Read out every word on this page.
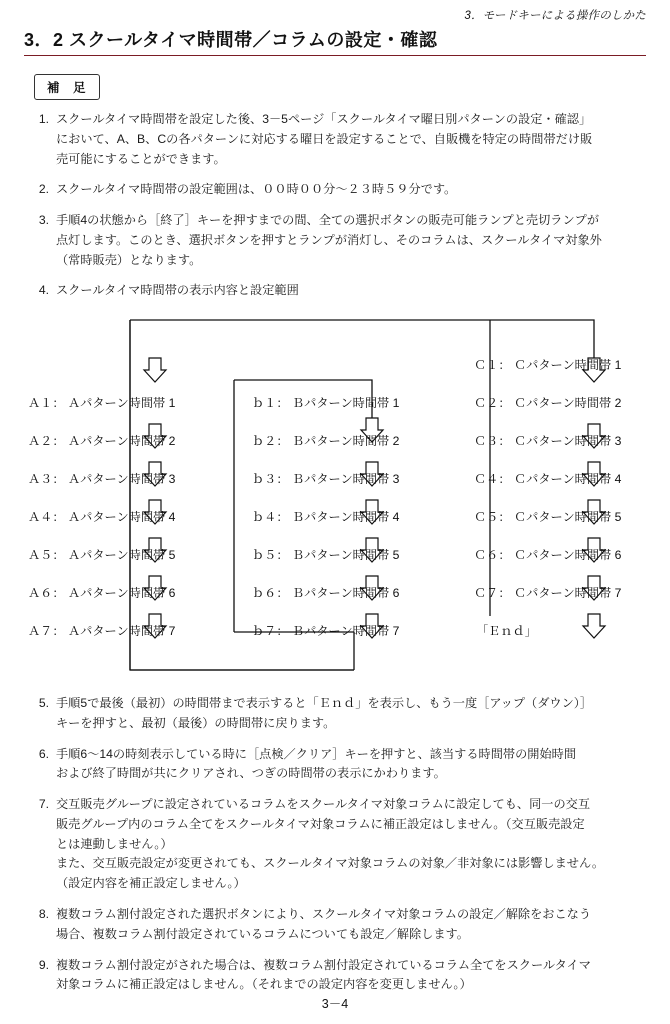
3．モードキーによる操作のしかた
3．2 スクールタイマ時間帯／コラムの設定・確認
補 足
1. スクールタイマ時間帯を設定した後、3－5ページ「スクールタイマ曜日別パターンの設定・確認」

において、A、B、Cの各パターンに対応する曜日を設定することで、自販機を特定の時間帯だけ販

売可能にすることができます。

2. スクールタイマ時間帯の設定範囲は、００時００分〜２３時５９分です。

3. 手順4の状態から［終了］キーを押すまでの間、全ての選択ボタンの販売可能ランプと売切ランプが

点灯します。このとき、選択ボタンを押すとランプが消灯し、そのコラムは、スクールタイマ対象外

（常時販売）となります。

4. スクールタイマ時間帯の表示内容と設定範囲

Ａ１： Ａパターン時間帯 1
Ａ２： Ａパターン時間帯 2
Ａ３： Ａパターン時間帯 3
Ａ４： Ａパターン時間帯 4
Ａ５： Ａパターン時間帯 5
Ａ６： Ａパターン時間帯 6
Ａ７： Ａパターン時間帯 7
ｂ１： Ｂパターン時間帯 1
ｂ２： Ｂパターン時間帯 2
ｂ３： Ｂパターン時間帯 3
ｂ４： Ｂパターン時間帯 4
ｂ５： Ｂパターン時間帯 5
ｂ６： Ｂパターン時間帯 6
ｂ７： Ｂパターン時間帯 7
Ｃ１： Ｃパターン時間帯 1
Ｃ２： Ｃパターン時間帯 2
Ｃ３： Ｃパターン時間帯 3
Ｃ４： Ｃパターン時間帯 4
Ｃ５： Ｃパターン時間帯 5
Ｃ６： Ｃパターン時間帯 6
Ｃ７： Ｃパターン時間帯 7
「Ｅｎｄ」
5. 手順5で最後（最初）の時間帯まで表示すると「Ｅｎｄ」を表示し、もう一度［アップ（ダウン）］

キーを押すと、最初（最後）の時間帯に戻ります。

6. 手順6〜14の時刻表示している時に［点検／クリア］キーを押すと、該当する時間帯の開始時間

および終了時間が共にクリアされ、つぎの時間帯の表示にかわります。

7. 交互販売グループに設定されているコラムをスクールタイマ対象コラムに設定しても、同一の交互

販売グループ内のコラム全てをスクールタイマ対象コラムに補正設定はしません。（交互販売設定

とは連動しません。）

また、交互販売設定が変更されても、スクールタイマ対象コラムの対象／非対象には影響しません。

（設定内容を補正設定しません。）

8. 複数コラム割付設定された選択ボタンにより、スクールタイマ対象コラムの設定／解除をおこなう

場合、複数コラム割付設定されているコラムについても設定／解除します。

9. 複数コラム割付設定がされた場合は、複数コラム割付設定されているコラム全てをスクールタイマ

対象コラムに補正設定はしません。（それまでの設定内容を変更しません。）

3－4
